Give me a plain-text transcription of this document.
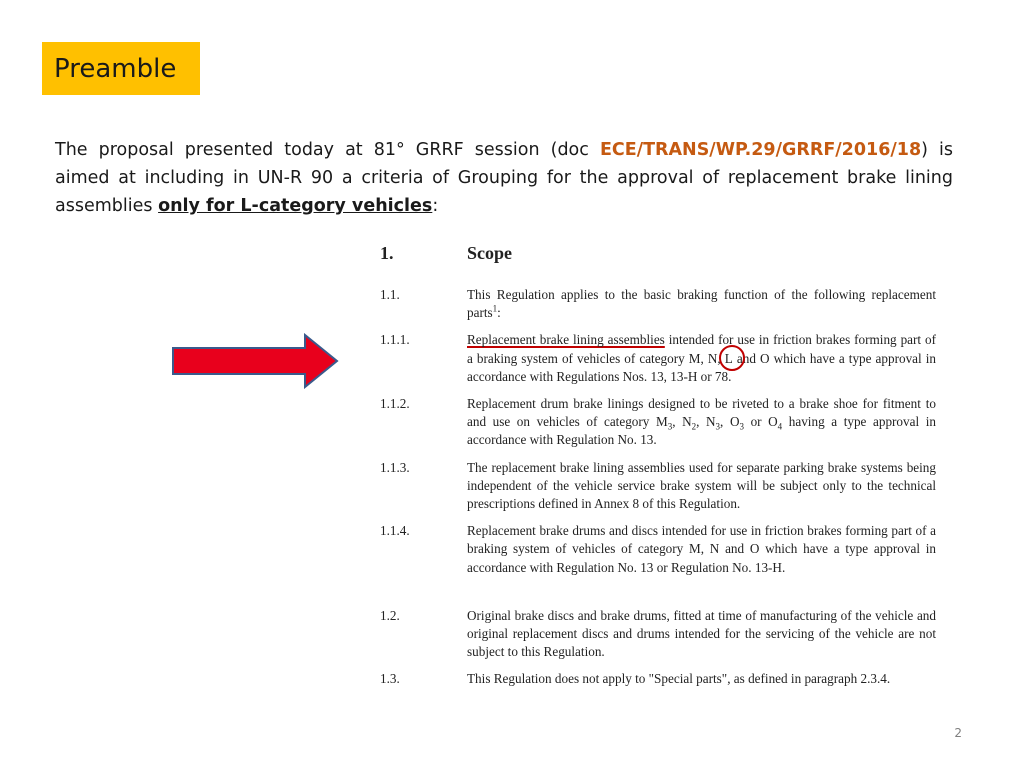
Preamble
The proposal presented today at 81° GRRF session (doc ECE/TRANS/WP.29/GRRF/2016/18) is aimed at including in UN-R 90 a criteria of Grouping for the approval of replacement brake lining assemblies only for L-category vehicles:
1.	Scope
1.1.	This Regulation applies to the basic braking function of the following replacement parts$^1$:
1.1.1.	Replacement brake lining assemblies intended for use in friction brakes forming part of a braking system of vehicles of category M, N, L
and O which have a type approval in accordance with Regulations Nos. 13, 13-H or 78.
1.1.2.	Replacement drum brake linings designed to be riveted to a brake shoe for fitment to and use on vehicles of category $M_3$, $N_2$, $N_3$, $O_3$ or $O_4$ having a type approval in accordance with Regulation No. 13.
1.1.3.	The replacement brake lining assemblies used for separate parking brake systems being independent of the vehicle service brake system will be subject only to the technical prescriptions defined in Annex 8 of this Regulation.
1.1.4.	Replacement brake drums and discs intended for use in friction brakes forming part of a braking system of vehicles of category M, N and O which have a type approval in accordance with Regulation No. 13 or Regulation No. 13-H.
1.2.	Original brake discs and brake drums, fitted at time of manufacturing of the vehicle and original replacement discs and drums intended for the servicing of the vehicle are not subject to this Regulation.
1.3.	This Regulation does not apply to "Special parts", as defined in paragraph 2.3.4.
2
